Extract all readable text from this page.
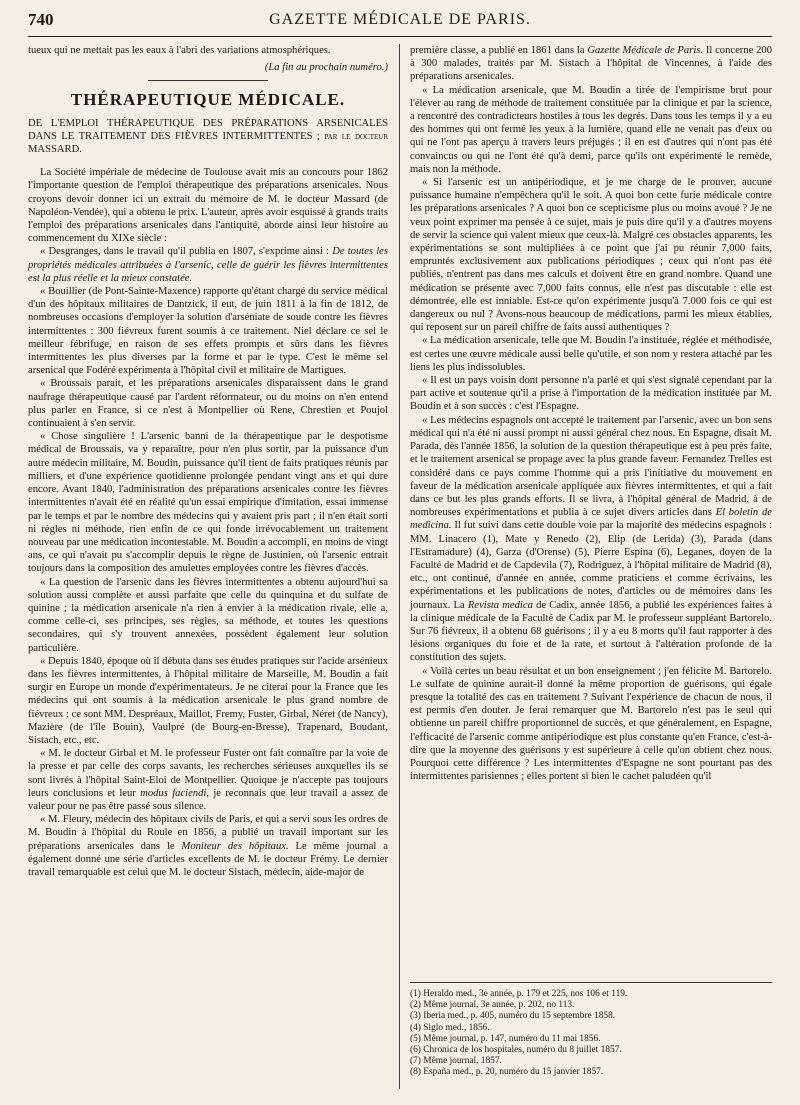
740	GAZETTE MÉDICALE DE PARIS.

tueux qui ne mettait pas les eaux à l'abri des variations atmosphériques.

(La fin au prochain numéro.)
THÉRAPEUTIQUE MÉDICALE.

DE L'EMPLOI THÉRAPEUTIQUE DES PRÉPARATIONS ARSENICALES DANS LE TRAITEMENT DES FIÈVRES INTERMITTENTES ; par le docteur MASSARD.

La Société impériale de médecine de Toulouse avait mis au concours pour 1862 l'importante question de l'emploi thérapeutique des préparations arsenicales. Nous croyons devoir donner ici un extrait du mémoire de M. le docteur Massard (de Napoléon-Vendée), qui a obtenu le prix. L'auteur, après avoir esquissé à grands traits l'emploi des préparations arsenicales dans l'antiquité, aborde ainsi leur histoire au commencement du XIXe siècle :

« Desgranges, dans le travail qu'il publia en 1807, s'exprime ainsi : De toutes les propriétés médicales attribuées à l'arsenic, celle de guérir les fièvres intermittentes est la plus réelle et la mieux constatée.

« Bouillier (de Pont-Sainte-Maxence) rapporte qu'étant chargé du service médical d'un des hôpitaux militaires de Dantzick, il eut, de juin 1811 à la fin de 1812, de nombreuses occasions d'employer la solution d'arséniate de soude contre les fièvres intermittentes : 300 fiévreux furent soumis à ce traitement. Niel déclare ce sel le meilleur fébrifuge, en raison de ses effets prompts et sûrs dans les fièvres intermittentes les plus diverses par la forme et par le type. C'est le même sel arsenical que Fodéré expérimenta à l'hôpital civil et militaire de Martigues.

« Broussais parait, et les préparations arsenicales disparaissent dans le grand naufrage thérapeutique causé par l'ardent réformateur, ou du moins on n'en entend plus parler en France, si ce n'est à Montpellier où Rene, Chrestien et Poujol continuaient à s'en servir.

« Chose singulière ! L'arsenic banni de la thérapeutique par le despotisme médical de Broussais, va y reparaître, pour n'en plus sortir, par la puissance d'un autre médecin militaire, M. Boudin, puissance qu'il tient de faits pratiques réunis par milliers, et d'une expérience quotidienne prolongée pendant vingt ans et qui dure encore. Avant 1840, l'administration des préparations arsenicales contre les fièvres intermittentes n'avait été en réalité qu'un essai empirique d'imitation, essai immense par le temps et par le nombre des médecins qui y avaient pris part ; il n'en était sorti ni règles ni méthode, rien enfin de ce qui fonde irrévocablement un traitement nouveau par une médication incontestable. M. Boudin a accompli, en moins de vingt ans, ce qui n'avait pu s'accomplir depuis le règne de Justinien, où l'arsenic entrait toujours dans la composition des amulettes employées contre les fièvres d'accès.

« La question de l'arsenic dans les fièvres intermittentes a obtenu aujourd'hui sa solution aussi complète et aussi parfaite que celle du quinquina et du sulfate de quinine ; la médication arsenicale n'a rien à envier à la médication rivale, elle a, comme celle-ci, ses principes, ses règles, sa méthode, et toutes les questions secondaires, qui s'y trouvent annexées, possèdent également leur solution particulière.

« Depuis 1840, époque où il débuta dans ses études pratiques sur l'acide arsénieux dans les fièvres intermittentes, à l'hôpital militaire de Marseille, M. Boudin a fait surgir en Europe un monde d'expérimentateurs. Je ne citerai pour la France que les médecins qui ont soumis à la médication arsenicale le plus grand nombre de fiévreux ; ce sont MM. Despréaux, Maillot, Fremy, Fuster, Girbal, Néret (de Nancy), Mazière (de l'île Bouin), Vaulpré (de Bourg-en-Bresse), Trapenard, Boudant, Sistach, etc., etc.

« M. le docteur Girbal et M. le professeur Fuster ont fait connaître par la voie de la presse et par celle des corps savants, les recherches sérieuses auxquelles ils se sont livrés à l'hôpital Saint-Eloi de Montpellier. Quoique je n'accepte pas toujours leurs conclusions et leur modus faciendi, je reconnais que leur travail a assez de valeur pour ne pas être passé sous silence.

« M. Fleury, médecin des hôpitaux civils de Paris, et qui a servi sous les ordres de M. Boudin à l'hôpital du Roule en 1856, a publié un travail important sur les préparations arsenicales dans le Moniteur des hôpitaux. Le même journal a également donné une série d'articles excellents de M. le docteur Frémy. Le dernier travail remarquable est celui que M. le docteur Sistach, médecin, aide-major de

première classe, a publié en 1861 dans la Gazette Médicale de Paris. Il concerne 200 à 300 malades, traités par M. Sistach à l'hôpital de Vincennes, à l'aide des préparations arsenicales.

« La médication arsenicale, que M. Boudin a tirée de l'empirisme brut pour l'élever au rang de méthode de traitement constituée par la clinique et par la science, a rencontré des contradicteurs hostiles à tous les degrés. Dans tous les temps il y a eu des hommes qui ont fermé les yeux à la lumière, quand elle ne venait pas d'eux ou qui ne l'ont pas aperçu à travers leurs préjugés ; il en est d'autres qui n'ont pas été convaincus ou qui ne l'ont été qu'à demi, parce qu'ils ont expérimenté le remède, mais non la méthode.

« Si l'arsenic est un antipériodique, et je me charge de le prouver, aucune puissance humaine n'empêchera qu'il le soit. A quoi bon cette furie médicale contre les préparations arsenicales ? A quoi bon ce scepticisme plus ou moins avoué ? Je ne veux point exprimer ma pensée à ce sujet, mais je puis dire qu'il y a d'autres moyens de servir la science qui valent mieux que ceux-là. Malgré ces obstacles apparents, les expérimentations se sont multipliées à ce point que j'ai pu réunir 7,000 faits, empruntés exclusivement aux publications périodiques ; ceux qui n'ont pas été publiés, n'entrent pas dans mes calculs et doivent être en grand nombre. Quand une médication se présente avec 7,000 faits connus, elle n'est pas discutable : elle est démontrée, elle est inniable. Est-ce qu'on expérimente jusqu'à 7.000 fois ce qui est dangereux ou nul ? Avons-nous beaucoup de médications, parmi les mieux établies, qui reposent sur un pareil chiffre de faits aussi authentiques ?

« La médication arsenicale, telle que M. Boudin l'a instituée, réglée et méthodisée, est certes une œuvre médicale aussi belle qu'utile, et son nom y restera attaché par les liens les plus indissolubles.

« Il est un pays voisin dont personne n'a parlé et qui s'est signalé cependant par la part active et soutenue qu'il a prise à l'importation de la médication instituée par M. Boudin et à son succès : c'est l'Espagne.

« Les médecins espagnols ont accepté le traitement par l'arsenic, avec un bon sens médical qui n'a été ni aussi prompt ni aussi général chez nous. En Espagne, disait M. Parada, dès l'année 1856, la solution de la question thérapeutique est à peu près faite, et le traitement arsenical se propage avec la plus grande faveur. Fernandez Trelles est considéré dans ce pays comme l'homme qui a pris l'initiative du mouvement en faveur de la médication arsenicale appliquée aux fièvres intermittentes, et qui a fait dans ce but les plus grands efforts. Il se livra, à l'hôpital général de Madrid, à de nombreuses expérimentations et publia à ce sujet divers articles dans El boletin de medicina. Il fut suivi dans cette double voie par la majorité des médecins espagnols : MM. Linacero (1), Mate y Renedo (2), Elip (de Lerida) (3), Parada (dans l'Estramadure) (4), Garza (d'Orense) (5), Pierre Espina (6), Leganes, doyen de la Faculté de Madrid et de Capdevila (7), Rodriguez, à l'hôpital militaire de Madrid (8), etc., ont continué, d'année en année, comme praticiens et comme écrivains, les expérimentations et les publications de notes, d'articles ou de mémoires dans les journaux. La Revista medica de Cadix, année 1856, a publié les expériences faites à la clinique médicale de la Faculté de Cadix par M. le professeur suppléant Bartorelo. Sur 76 fiévreux, il a obtenu 68 guérisons ; il y a eu 8 morts qu'il faut rapporter à des lésions organiques du foie et de la rate, et surtout à l'altération profonde de la constitution des sujets.

« Voilà certes un beau résultat et un bon enseignement ; j'en félicite M. Bartorelo. Le sulfate de quinine aurait-il donné la même proportion de guérisons, qui égale presque la totalité des cas en traitement ? Suivant l'expérience de chacun de nous, il est permis d'en douter. Je ferai remarquer que M. Bartorelo n'est pas le seul qui obtienne un pareil chiffre proportionnel de succès, et que généralement, en Espagne, l'efficacité de l'arsenic comme antipériodique est plus constante qu'en France, c'est-à-dire que la moyenne des guérisons y est supérieure à celle qu'on obtient chez nous. Pourquoi cette différence ? Les intermittentes d'Espagne ne sont pourtant pas des intermittentes parisiennes ; elles portent si bien le cachet paludéen qu'il

(1) Heraldo med., 3e année, p. 179 et 225, nos 106 et 119.
(2) Même journal, 3e année, p. 202, no 113.
(3) Iberia med., p. 405, numéro du 15 septembre 1858.
(4) Siglo med., 1856.
(5) Même journal, p. 147, numéro du 11 mai 1856.
(6) Chronica de los hospitales, numéro du 8 juillet 1857.
(7) Même journal, 1857.
(8) España med., p. 20, numéro du 15 janvier 1857.
